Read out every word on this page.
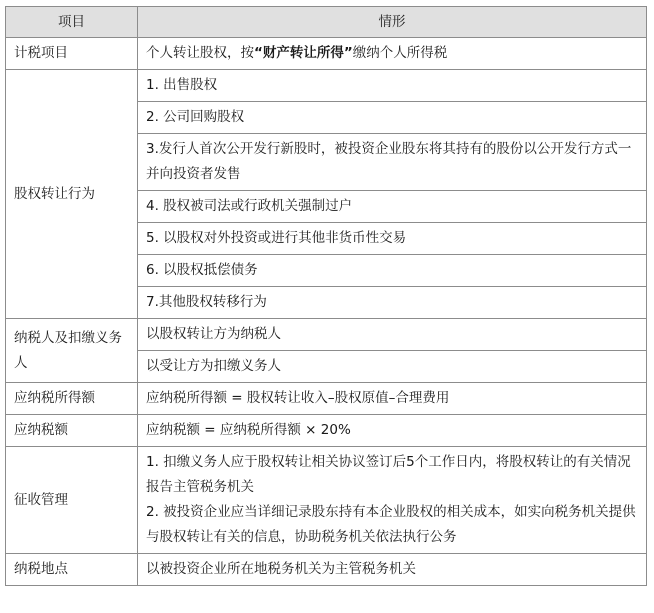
项目	情形
计税项目	个人转让股权，按“财产转让所得”缴纳个人所得税
股权转让行为	1. 出售股权
	2. 公司回购股权
	3.发行人首次公开发行新股时，被投资企业股东将其持有的股份以公开发行方式一并向投资者发售
	4. 股权被司法或行政机关强制过户
	5. 以股权对外投资或进行其他非货币性交易
	6. 以股权抵偿债务
	7.其他股权转移行为
纳税人及扣缴义务人	以股权转让方为纳税人
	以受让方为扣缴义务人
应纳税所得额	应纳税所得额 = 股权转让收入–股权原值–合理费用
应纳税额	应纳税额 = 应纳税所得额 × 20%
征收管理	1. 扣缴义务人应于股权转让相关协议签订后5个工作日内，将股权转让的有关情况报告主管税务机关
2. 被投资企业应当详细记录股东持有本企业股权的相关成本，如实向税务机关提供与股权转让有关的信息，协助税务机关依法执行公务

纳税地点	以被投资企业所在地税务机关为主管税务机关
